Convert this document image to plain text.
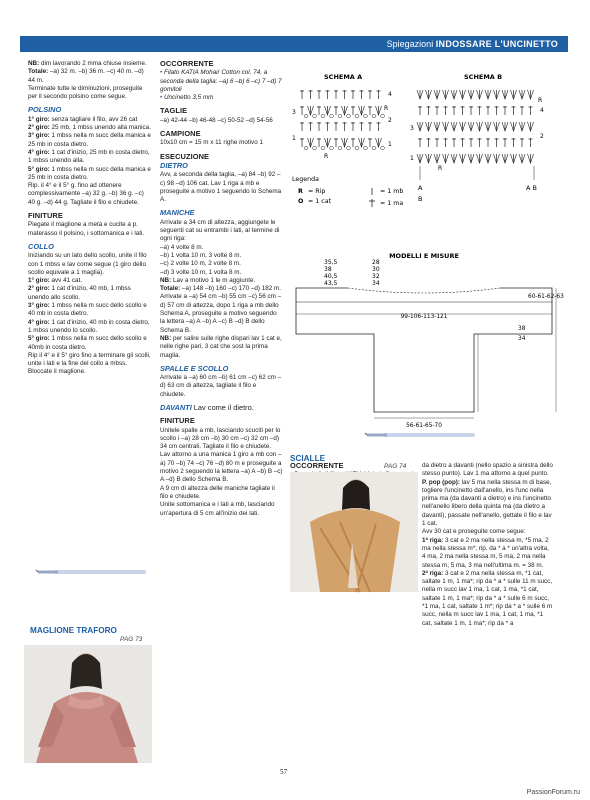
Spiegazioni INDOSSARE L'UNCINETTO

NB: dim lavorando 2 mma chiuse insieme.

Totale: –a) 32 m. –b) 36 m. –c) 40 m. –d) 44 m.

Terminate tutte le diminuzioni, proseguite per il secondo polsino come segue.

POLSINO

1° giro: senza tagliare il filo, avv 26 cat

2° giro: 25 mb, 1 mbss unendo alla manica.

3° giro: 1 mbss nella m succ della manica e 25 mb in costa dietro.

4° giro: 1 cat d'inizio, 25 mb in costa dietro, 1 mbss unendo alla.

5° giro: 1 mbss nella m succ della manica e 25 mb in costa dietro.

Rip. il 4° e il 5° g. fino ad ottenere complessivamente –a) 32 g. –b) 36 g. –c) 40 g. –d) 44 g. Tagliate il filo e chiudete.

FINITURE

Piegate il maglione a metà e cucite a p. materasso il polsino, i sottomanica e i lati.

COLLO

Iniziando su un lato dello scollo, unite il filo con 1 mbss e lav come segue (1 giro dello scollo equivale a 1 maglia).

1° giro: avv 41 cat.

2° giro: 1 cat d'inizio, 40 mb, 1 mbss unendo allo scollo.

3° giro: 1 mbss nella m succ dello scollo e 40 mb in costa dietro.

4° giro: 1 cat d'inizio, 40 mb in costa dietro, 1 mbss unendo lo scollo.

5° giro: 1 mbss nella m succ dello scollo e 40mb in costa dietro.

Rip il 4° e il 5° giro fino a terminare gli scolli, unite i lati e la fine del collo a mbss. Bloccate il maglione.

OCCORRENTE

• Filato KATIA Mohair Cotton col. 74, a seconda della taglia: –a) 6 –b) 6 –c) 7 –d) 7 gomitoli

• Uncinetto 3,5 mm

TAGLIE

–a) 42-44 –b) 46-48 –c) 50-52 –d) 54-56

CAMPIONE

10x10 cm = 15 m x 11 righe motivo 1

ESECUZIONE
DIETRO

Avv, a seconda della taglia, –a) 84 –b) 92 –c) 98 –d) 106 cat. Lav 1 riga a mb e proseguite a motivo 1 seguendo lo Schema A.

MANICHE

Arrivate a 34 cm di altezza, aggiungete le seguenti cat su entrambi i lati, al termine di ogni riga:

–a) 4 volte 8 m.

–b) 1 volta 10 m, 3 volte 8 m.

–c) 2 volte 10 m, 2 volte 8 m.

–d) 3 volte 10 m, 1 volta 8 m.

NB: Lav a motivo 1 le m aggiunte.

Totale: –a) 148 –b) 160 –c) 170 –d) 182 m.

Arrivate a –a) 54 cm –b) 55 cm –c) 56 cm –d) 57 cm di altezza, dopo 1 riga a mb dello Schema A, proseguite a motivo seguendo la lettera –a) A –b) A –c) B –d) B dello Schema B.

NB: per salire sulle righe dispari lav 1 cat e, nelle righe pari, 3 cat che sost la prima maglia.

SPALLE E SCOLLO

Arrivate a –a) 60 cm –b) 61 cm –c) 62 cm –d) 63 cm di altezza, tagliate il filo e chiudete.

DAVANTI Lav come il dietro.
FINITURE

Unitele spalle a mb, lasciando scuciti per lo scollo i –a) 28 cm –b) 30 cm –c) 32 cm –d) 34 cm centrali. Tagliate il filo e chiudete.

Lav attorno a una manica 1 giro a mb con –a) 70 –b) 74 –c) 76 –d) 80 m e proseguite a motivo 2 seguendo la lettera –a) A –b) B –c) A –d) B dello Schema B.

A 9 cm di altezza delle maniche tagliate il filo e chiudete.

Unite sottomanica e i lati a mb, lasciando un'apertura di 5 cm all'inizio dei lati.

OCCORRENTE	da dietro a davanti (nello spazio a sinistra dello stesso punto). Lav 1 ma attorno a quel punto.

P. pop (pop): lav 5 ma nella stessa m di base, togliere l'uncinetto dall'anello, ins l'unc nella prima ma (da davanti a dietro) e ins l'uncinetto nell'anello libero della quinta ma (da dietro a davanti), passate nell'anello, gettate il filo e lav 1 cat.

Avv 30 cat e proseguite come segue:

1ª riga: 3 cat e 2 ma nella stessa m, *5 ma, 2 ma nella stessa m*; rip. da * a * un'altra volta, 4 ma, 2 ma nella stessa m, 5 ma, 2 ma nella stessa m, 5 ma, 3 ma nell'ultima m. = 38 m.

2ª riga: 3 cat e 2 ma nella stessa m, *1 cat, saltate 1 m, 1 ma*; rip da * a * sulle 11 m succ, nella m succ lav 1 ma, 1 cat, 1 ma, *1 cat, saltate 1 m, 1 ma*; rip da * a * sulle 6 m succ, *1 ma, 1 cat, saltate 1 m*; rip da * a * sulle 6 m succ, nella m succ lav 1 ma, 1 cat, 1 ma, *1 cat, saltate 1 m, 1 ma*; rip da * a

MAGLIONE TRAFORO
PAG 73
SCIALLE
PAG 74
SCHEMA A	SCHEMA B
4
2
1
3
1
R
R
4
2
3
1
R
R
Legenda
R = Rip
O = 1 cat
= 1 mb
= 1 ma
A
B
A B
MODELLI E MISURE
35,5
38
40,5
43,5
28
30
32
34
99-106-113-121
60-61-62-63
38
34
56-61-65-70
57
PassionForum.ru
